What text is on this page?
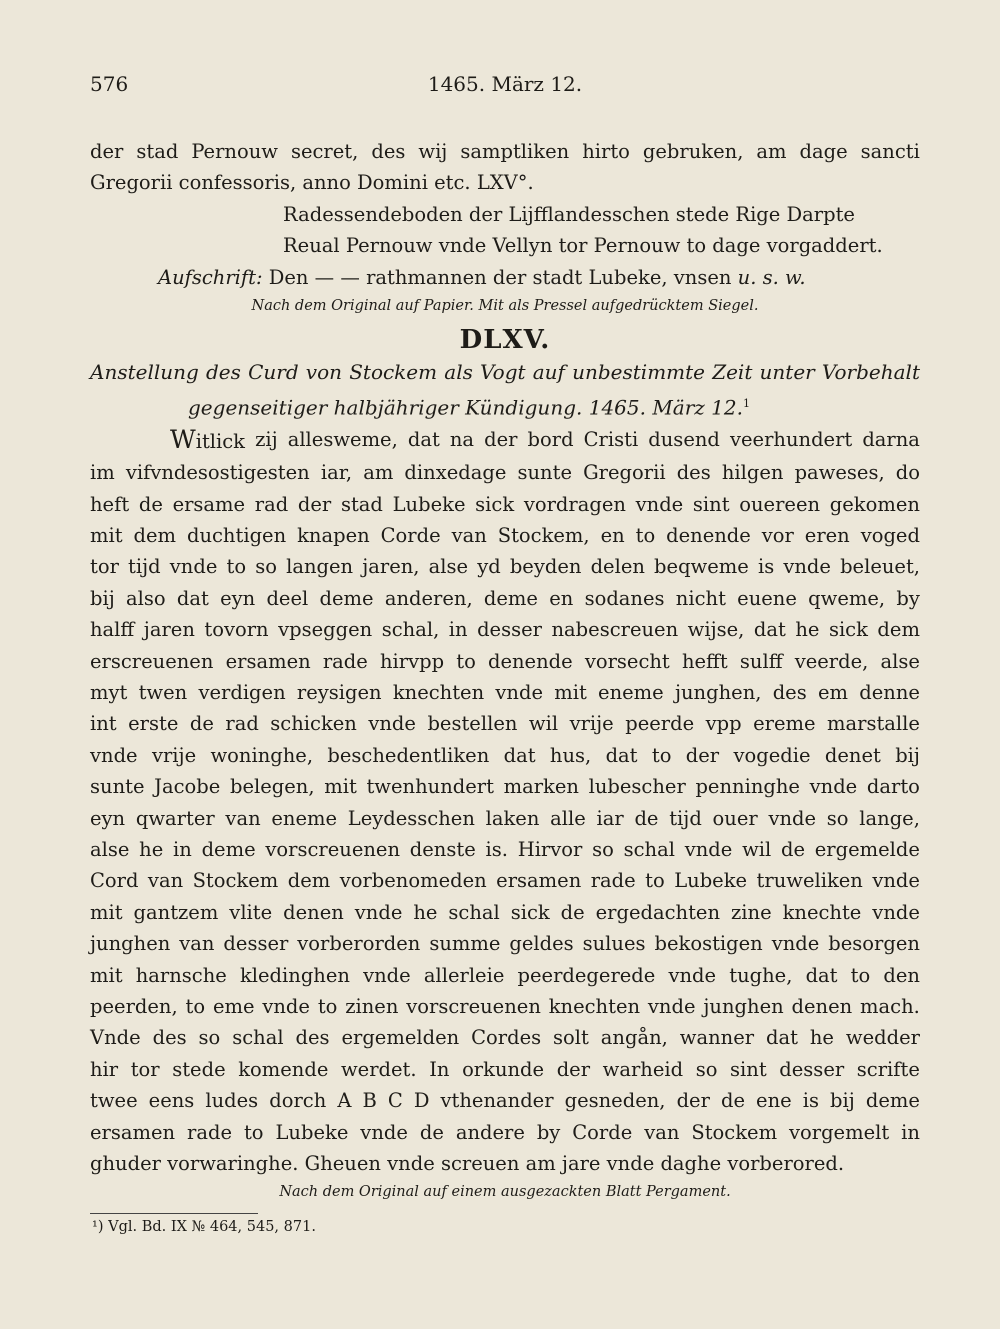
576	1465. März 12.
der stad Pernouw secret, des wij samptliken hirto gebruken, am dage sancti
Gregorii confessoris, anno Domini etc. LXV°.
Radessendeboden der Lijfflandesschen stede Rige Darpte
Reual Pernouw vnde Vellyn tor Pernouw to dage vorgaddert.
Aufschrift: Den — — rathmannen der stadt Lubeke, vnsen u. s. w.
Nach dem Original auf Papier. Mit als Pressel aufgedrücktem Siegel.
DLXV.
Anstellung des Curd von Stockem als Vogt auf unbestimmte Zeit unter Vorbehalt
gegenseitiger halbjähriger Kündigung. 1465. März 12.$^1$
Witlick zij allesweme, dat na der bord Cristi dusend veerhundert darna
im vifvndesostigesten iar, am dinxedage sunte Gregorii des hilgen paweses, do
heft de ersame rad der stad Lubeke sick vordragen vnde sint ouereen gekomen
mit dem duchtigen knapen Corde van Stockem, en to denende vor eren voged
tor tijd vnde to so langen jaren, alse yd beyden delen beqweme is vnde beleuet,
bij also dat eyn deel deme anderen, deme en sodanes nicht euene qweme, by
halff jaren tovorn vpseggen schal, in desser nabescreuen wijse, dat he sick dem
erscreuenen ersamen rade hirvpp to denende vorsecht hefft sulff veerde, alse
myt twen verdigen reysigen knechten vnde mit eneme junghen, des em denne
int erste de rad schicken vnde bestellen wil vrije peerde vpp ereme marstalle
vnde vrije woninghe, beschedentliken dat hus, dat to der vogedie denet bij
sunte Jacobe belegen, mit twenhundert marken lubescher penninghe vnde darto
eyn qwarter van eneme Leydesschen laken alle iar de tijd ouer vnde so lange,
alse he in deme vorscreuenen denste is. Hirvor so schal vnde wil de ergemelde
Cord van Stockem dem vorbenomeden ersamen rade to Lubeke truweliken vnde
mit gantzem vlite denen vnde he schal sick de ergedachten zine knechte vnde
junghen van desser vorberorden summe geldes sulues bekostigen vnde besorgen
mit harnsche kledinghen vnde allerleie peerdegerede vnde tughe, dat to den
peerden, to eme vnde to zinen vorscreuenen knechten vnde junghen denen mach.
Vnde des so schal des ergemelden Cordes solt angån, wanner dat he wedder
hir tor stede komende werdet. In orkunde der warheid so sint desser scrifte
twee eens ludes dorch A B C D vthenander gesneden, der de ene is bij deme
ersamen rade to Lubeke vnde de andere by Corde van Stockem vorgemelt in
ghuder vorwaringhe. Gheuen vnde screuen am jare vnde daghe vorberored.
Nach dem Original auf einem ausgezackten Blatt Pergament.
¹) Vgl. Bd. IX № 464, 545, 871.
